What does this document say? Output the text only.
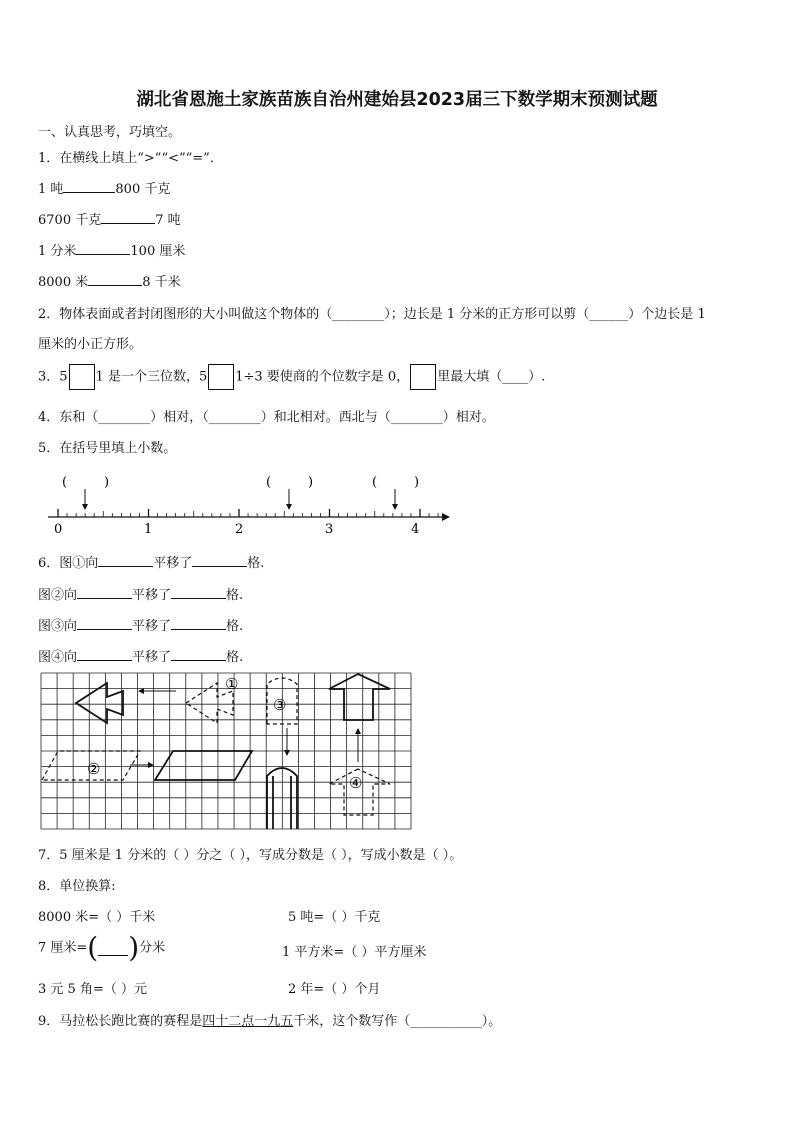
湖北省恩施土家族苗族自治州建始县2023届三下数学期末预测试题
一、认真思考，巧填空。
1．在横线上填上“>”“<”“=”．
1 吨	800 千克
6700 千克	7 吨
1 分米	100 厘米
8000 米	8 千米
2．物体表面或者封闭图形的大小叫做这个物体的（________）；边长是 1 分米的正方形可以剪（______）个边长是 1
厘米的小正方形。
3．5 1 是一个三位数，5 1÷3 要使商的个位数字是 0， 里最大填（____）.
4．东和（________）相对，（________）和北相对。西北与（________）相对。
5．在括号里填上小数。
(	)	(	)	(	)
0	1	2	3	4
6．图①向	平移了	格.
图②向	平移了	格.
图③向	平移了	格.
图④向	平移了	格.
①
③
②
④
7．5 厘米是 1 分米的（ ）分之（ ），写成分数是（ ），写成小数是（ ）。
8．单位换算:
8000 米=（ ）千米	5 吨=（ ）千克
7 厘米=( )分米	1 平方米=（ ）平方厘米
3 元 5 角=（ ）元	2 年=（ ）个月
9．马拉松长跑比赛的赛程是四十二点一九五千米，这个数写作（___________）。
